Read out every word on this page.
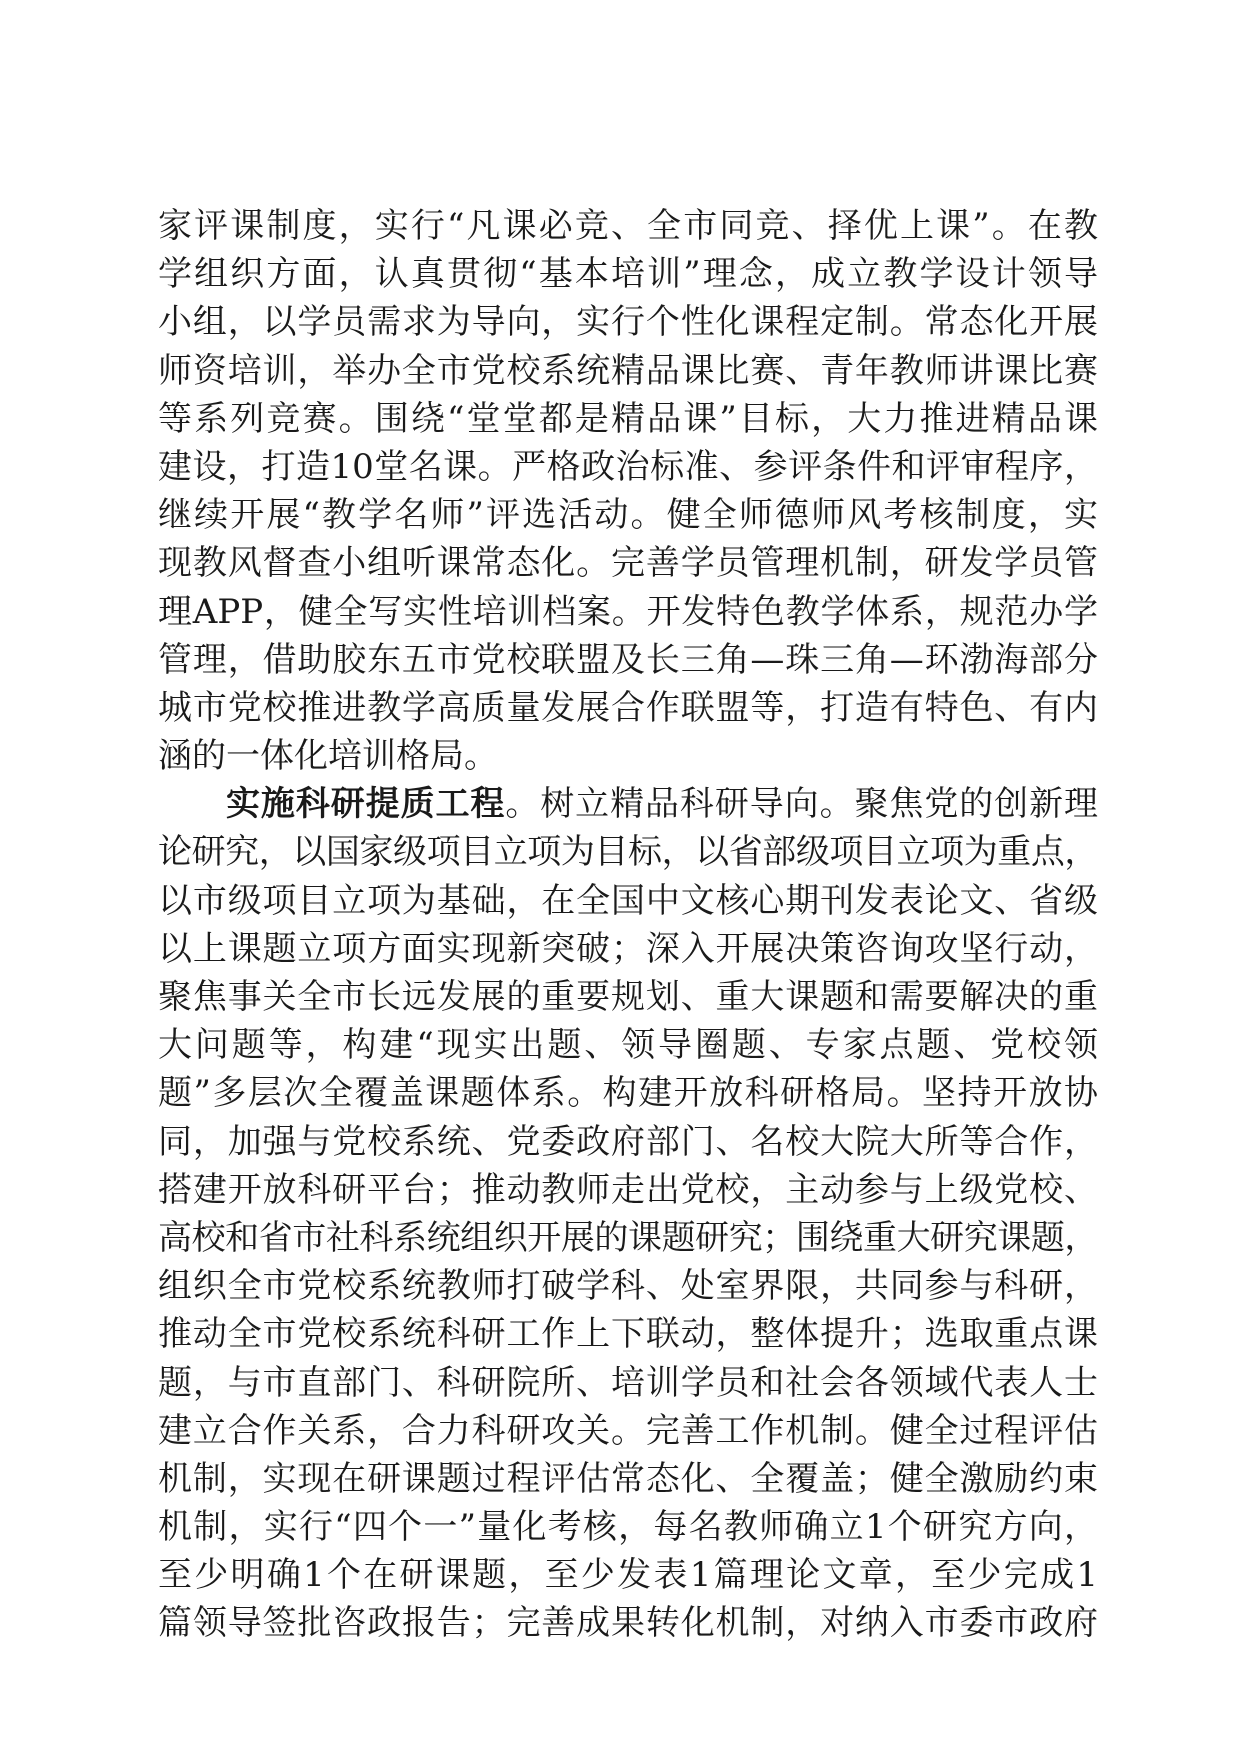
家评课制度，实行“凡课必竞、全市同竞、择优上课”。在教
学组织方面，认真贯彻“基本培训”理念，成立教学设计领导
小组，以学员需求为导向，实行个性化课程定制。常态化开展
师资培训，举办全市党校系统精品课比赛、青年教师讲课比赛
等系列竞赛。围绕“堂堂都是精品课”目标，大力推进精品课
建设，打造10堂名课。严格政治标准、参评条件和评审程序，
继续开展“教学名师”评选活动。健全师德师风考核制度，实
现教风督查小组听课常态化。完善学员管理机制，研发学员管
理APP，健全写实性培训档案。开发特色教学体系，规范办学
管理，借助胶东五市党校联盟及长三角—珠三角—环渤海部分
城市党校推进教学高质量发展合作联盟等，打造有特色、有内
涵的一体化培训格局。
实施科研提质工程。树立精品科研导向。聚焦党的创新理
论研究，以国家级项目立项为目标，以省部级项目立项为重点，
以市级项目立项为基础，在全国中文核心期刊发表论文、省级
以上课题立项方面实现新突破；深入开展决策咨询攻坚行动，
聚焦事关全市长远发展的重要规划、重大课题和需要解决的重
大问题等，构建“现实出题、领导圈题、专家点题、党校领
题”多层次全覆盖课题体系。构建开放科研格局。坚持开放协
同，加强与党校系统、党委政府部门、名校大院大所等合作，
搭建开放科研平台；推动教师走出党校，主动参与上级党校、
高校和省市社科系统组织开展的课题研究；围绕重大研究课题，
组织全市党校系统教师打破学科、处室界限，共同参与科研，
推动全市党校系统科研工作上下联动，整体提升；选取重点课
题，与市直部门、科研院所、培训学员和社会各领域代表人士
建立合作关系，合力科研攻关。完善工作机制。健全过程评估
机制，实现在研课题过程评估常态化、全覆盖；健全激励约束
机制，实行“四个一”量化考核，每名教师确立1个研究方向，
至少明确1个在研课题，至少发表1篇理论文章，至少完成1
篇领导签批咨政报告；完善成果转化机制，对纳入市委市政府
